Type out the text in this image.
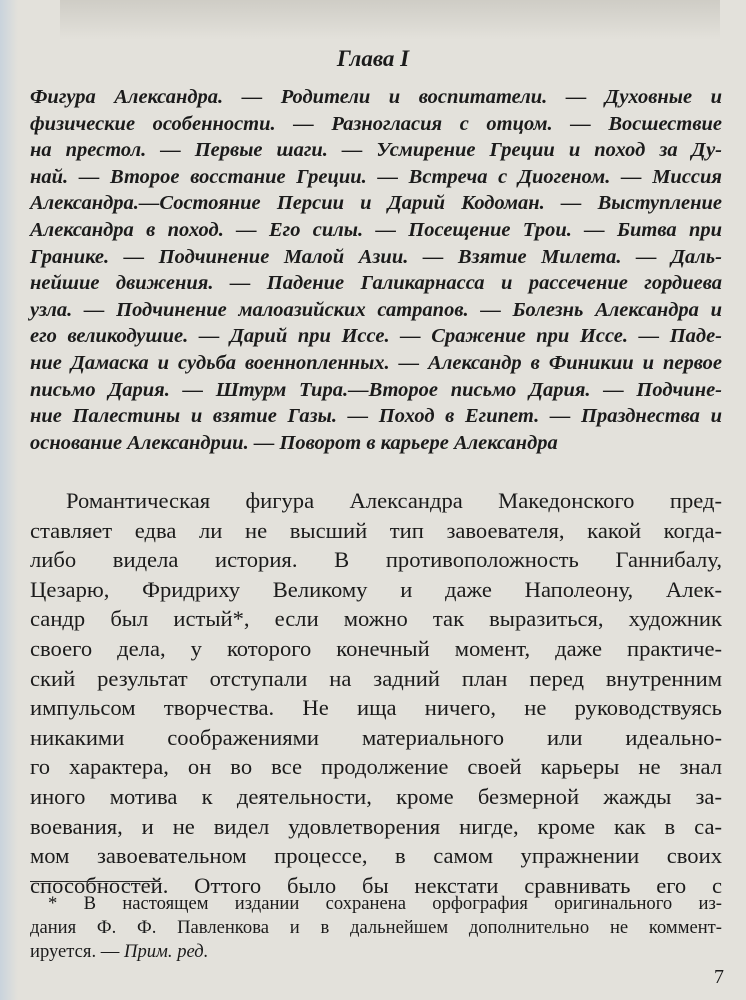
Глава I
Фигура Александра. — Родители и воспитатели. — Духовные и
физические особенности. — Разногласия с отцом. — Восшествие
на престол. — Первые шаги. — Усмирение Греции и поход за Ду-
най. — Второе восстание Греции. — Встреча с Диогеном. — Миссия
Александра.—Состояние Персии и Дарий Кодоман. — Выступление
Александра в поход. — Его силы. — Посещение Трои. — Битва при
Гранике. — Подчинение Малой Азии. — Взятие Милета. — Даль-
нейшие движения. — Падение Галикарнасса и рассечение гордиева
узла. — Подчинение малоазийских сатрапов. — Болезнь Александра и
его великодушие. — Дарий при Иссе. — Сражение при Иссе. — Паде-
ние Дамаска и судьба военнопленных. — Александр в Финикии и первое
письмо Дария. — Штурм Тира.—Второе письмо Дария. — Подчине-
ние Палестины и взятие Газы. — Поход в Египет. — Празднества и
основание Александрии. — Поворот в карьере Александра
Романтическая фигура Александра Македонского пред-
ставляет едва ли не высший тип завоевателя, какой когда-
либо видела история. В противоположность Ганнибалу,
Цезарю, Фридриху Великому и даже Наполеону, Алек-
сандр был истый*, если можно так выразиться, художник
своего дела, у которого конечный момент, даже практиче-
ский результат отступали на задний план перед внутренним
импульсом творчества. Не ища ничего, не руководствуясь
никакими соображениями материального или идеально-
го характера, он во все продолжение своей карьеры не знал
иного мотива к деятельности, кроме безмерной жажды за-
воевания, и не видел удовлетворения нигде, кроме как в са-
мом завоевательном процессе, в самом упражнении своих
способностей. Оттого было бы некстати сравнивать его с
* В настоящем издании сохранена орфография оригинального из-
дания Ф. Ф. Павленкова и в дальнейшем дополнительно не коммент-
ируется. — Прим. ред.
7
